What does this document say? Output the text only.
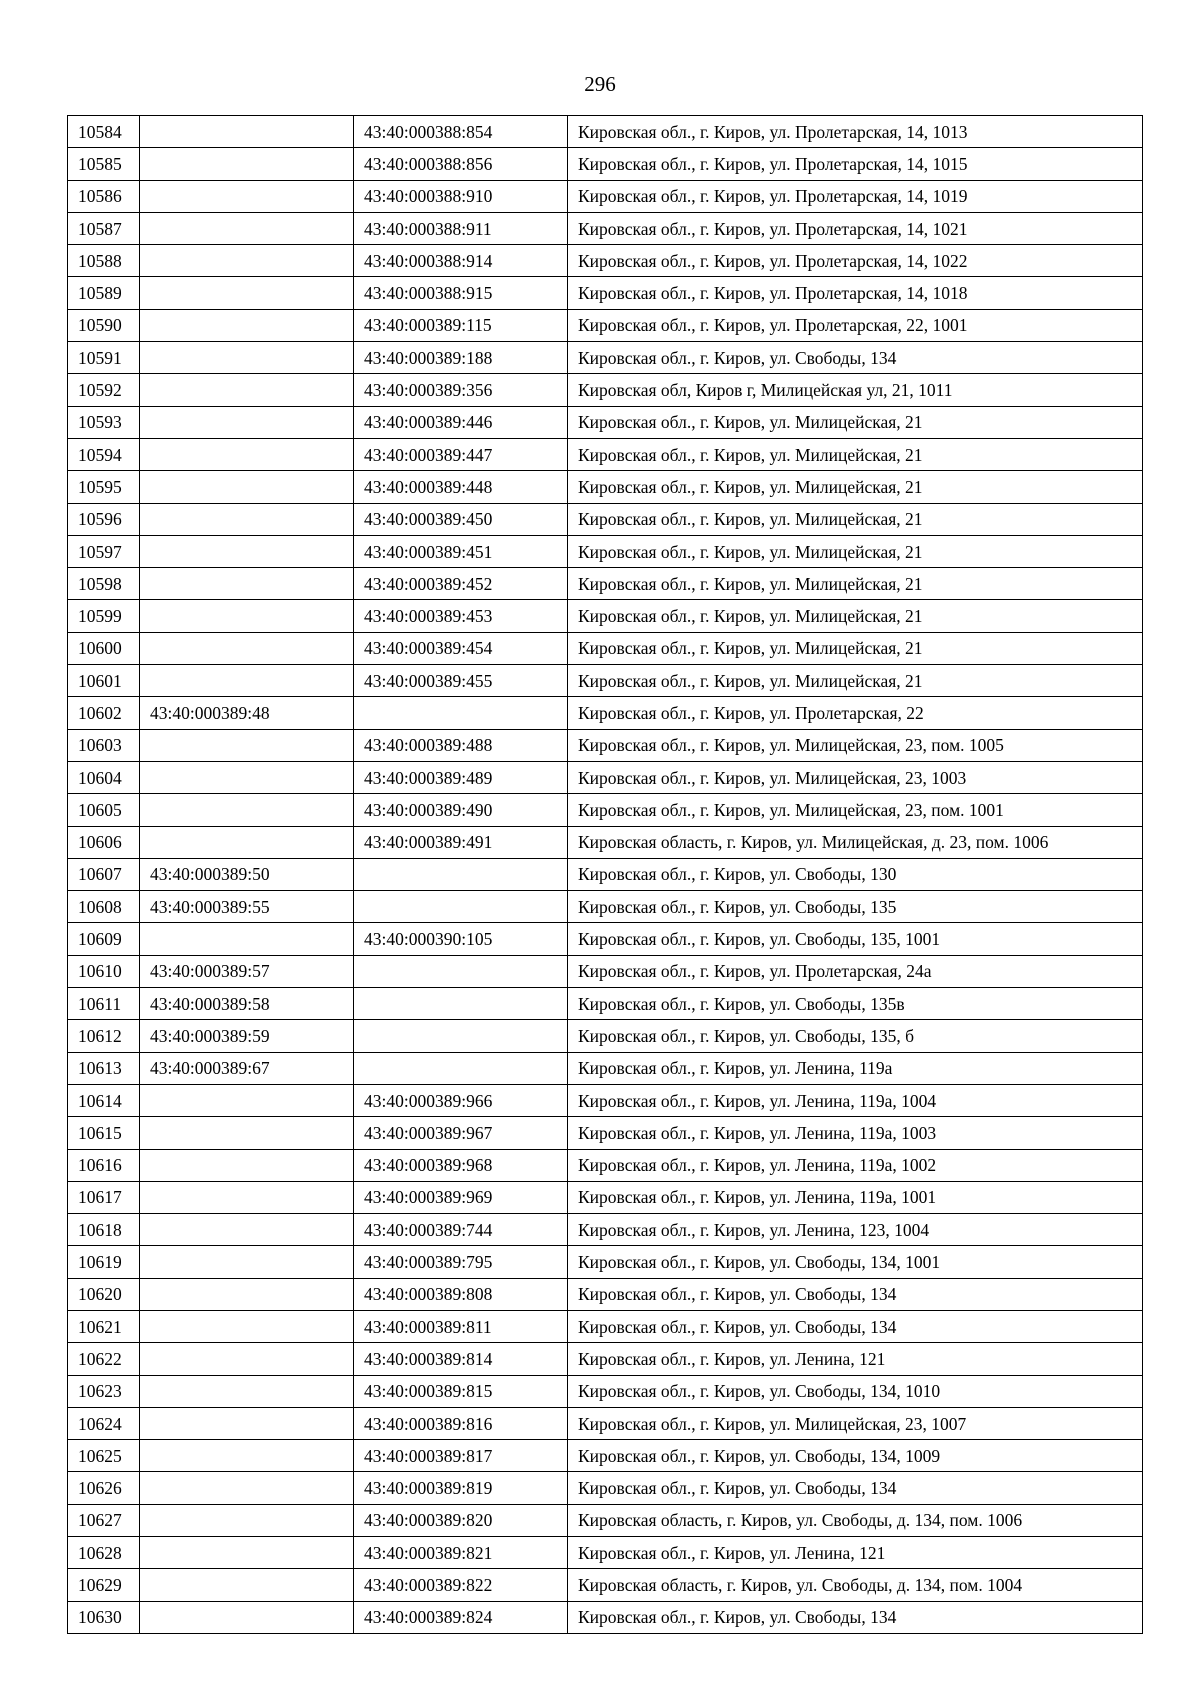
296
10584		43:40:000388:854	Кировская обл., г. Киров, ул. Пролетарская, 14, 1013
10585		43:40:000388:856	Кировская обл., г. Киров, ул. Пролетарская, 14, 1015
10586		43:40:000388:910	Кировская обл., г. Киров, ул. Пролетарская, 14, 1019
10587		43:40:000388:911	Кировская обл., г. Киров, ул. Пролетарская, 14, 1021
10588		43:40:000388:914	Кировская обл., г. Киров, ул. Пролетарская, 14, 1022
10589		43:40:000388:915	Кировская обл., г. Киров, ул. Пролетарская, 14, 1018
10590		43:40:000389:115	Кировская обл., г. Киров, ул. Пролетарская, 22, 1001
10591		43:40:000389:188	Кировская обл., г. Киров, ул. Свободы, 134
10592		43:40:000389:356	Кировская обл, Киров г, Милицейская ул, 21, 1011
10593		43:40:000389:446	Кировская обл., г. Киров, ул. Милицейская, 21
10594		43:40:000389:447	Кировская обл., г. Киров, ул. Милицейская, 21
10595		43:40:000389:448	Кировская обл., г. Киров, ул. Милицейская, 21
10596		43:40:000389:450	Кировская обл., г. Киров, ул. Милицейская, 21
10597		43:40:000389:451	Кировская обл., г. Киров, ул. Милицейская, 21
10598		43:40:000389:452	Кировская обл., г. Киров, ул. Милицейская, 21
10599		43:40:000389:453	Кировская обл., г. Киров, ул. Милицейская, 21
10600		43:40:000389:454	Кировская обл., г. Киров, ул. Милицейская, 21
10601		43:40:000389:455	Кировская обл., г. Киров, ул. Милицейская, 21
10602	43:40:000389:48		Кировская обл., г. Киров, ул. Пролетарская, 22
10603		43:40:000389:488	Кировская обл., г. Киров, ул. Милицейская, 23, пом. 1005
10604		43:40:000389:489	Кировская обл., г. Киров, ул. Милицейская, 23, 1003
10605		43:40:000389:490	Кировская обл., г. Киров, ул. Милицейская, 23, пом. 1001
10606		43:40:000389:491	Кировская область, г. Киров, ул. Милицейская, д. 23, пом. 1006
10607	43:40:000389:50		Кировская обл., г. Киров, ул. Свободы, 130
10608	43:40:000389:55		Кировская обл., г. Киров, ул. Свободы, 135
10609		43:40:000390:105	Кировская обл., г. Киров, ул. Свободы, 135, 1001
10610	43:40:000389:57		Кировская обл., г. Киров, ул. Пролетарская, 24а
10611	43:40:000389:58		Кировская обл., г. Киров, ул. Свободы, 135в
10612	43:40:000389:59		Кировская обл., г. Киров, ул. Свободы, 135, б
10613	43:40:000389:67		Кировская обл., г. Киров, ул. Ленина, 119а
10614		43:40:000389:966	Кировская обл., г. Киров, ул. Ленина, 119а, 1004
10615		43:40:000389:967	Кировская обл., г. Киров, ул. Ленина, 119а, 1003
10616		43:40:000389:968	Кировская обл., г. Киров, ул. Ленина, 119а, 1002
10617		43:40:000389:969	Кировская обл., г. Киров, ул. Ленина, 119а, 1001
10618		43:40:000389:744	Кировская обл., г. Киров, ул. Ленина, 123, 1004
10619		43:40:000389:795	Кировская обл., г. Киров, ул. Свободы, 134, 1001
10620		43:40:000389:808	Кировская обл., г. Киров, ул. Свободы, 134
10621		43:40:000389:811	Кировская обл., г. Киров, ул. Свободы, 134
10622		43:40:000389:814	Кировская обл., г. Киров, ул. Ленина, 121
10623		43:40:000389:815	Кировская обл., г. Киров, ул. Свободы, 134, 1010
10624		43:40:000389:816	Кировская обл., г. Киров, ул. Милицейская, 23, 1007
10625		43:40:000389:817	Кировская обл., г. Киров, ул. Свободы, 134, 1009
10626		43:40:000389:819	Кировская обл., г. Киров, ул. Свободы, 134
10627		43:40:000389:820	Кировская область, г. Киров, ул. Свободы, д. 134, пом. 1006
10628		43:40:000389:821	Кировская обл., г. Киров, ул. Ленина, 121
10629		43:40:000389:822	Кировская область, г. Киров, ул. Свободы, д. 134, пом. 1004
10630		43:40:000389:824	Кировская обл., г. Киров, ул. Свободы, 134
